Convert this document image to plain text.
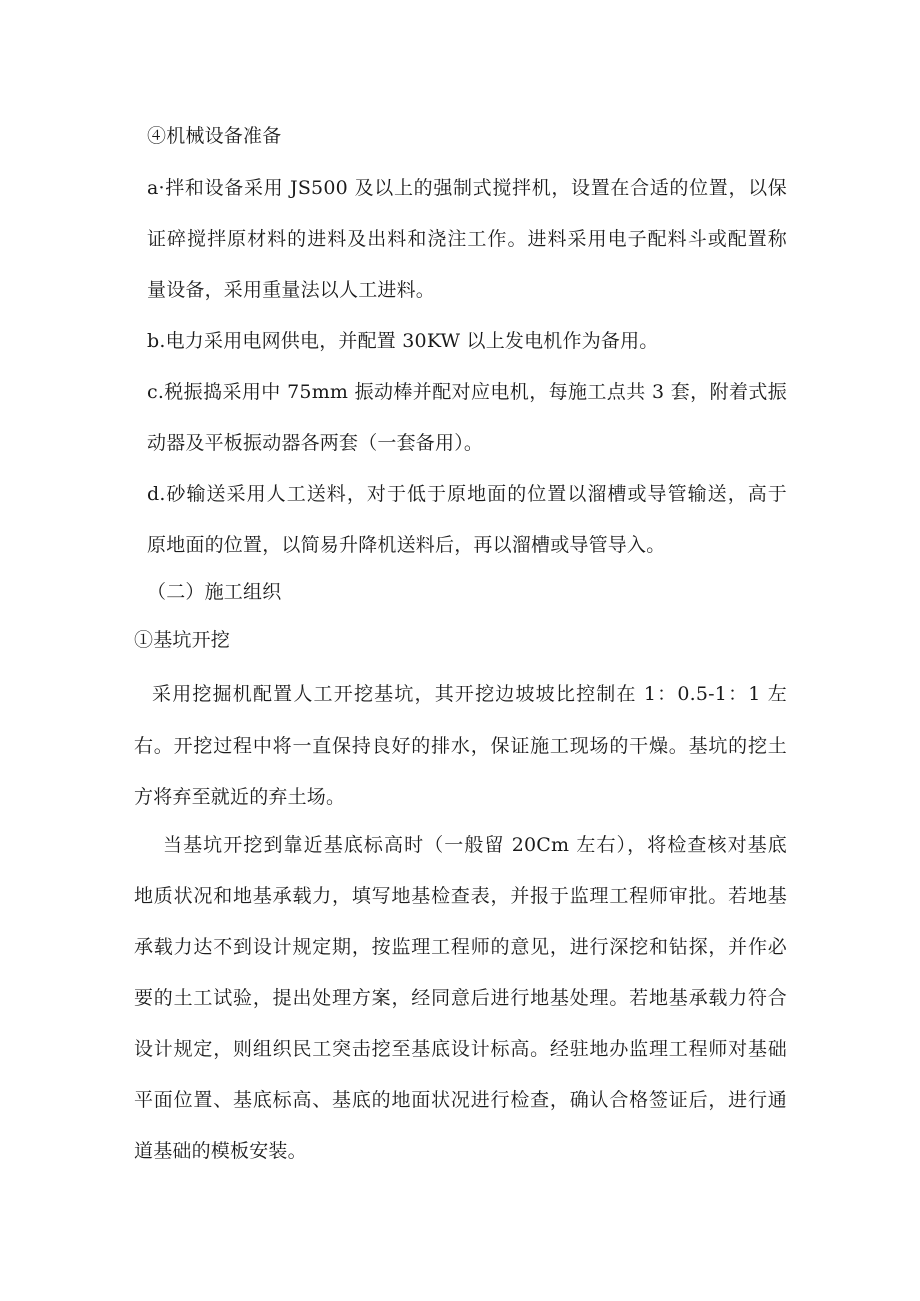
④机械设备准备
a·拌和设备采用 JS500 及以上的强制式搅拌机，设置在合适的位置，以保
证碎搅拌原材料的进料及出料和浇注工作。进料采用电子配料斗或配置称
量设备，采用重量法以人工进料。
b.电力采用电网供电，并配置 30KW 以上发电机作为备用。
c.税振捣采用中 75mm 振动棒并配对应电机，每施工点共 3 套，附着式振
动器及平板振动器各两套（一套备用）。
d.砂输送采用人工送料，对于低于原地面的位置以溜槽或导管输送，高于
原地面的位置，以简易升降机送料后，再以溜槽或导管导入。
（二）施工组织
①基坑开挖
采用挖掘机配置人工开挖基坑，其开挖边坡坡比控制在 1：0.5-1：1 左
右。开挖过程中将一直保持良好的排水，保证施工现场的干燥。基坑的挖土
方将弃至就近的弃土场。
当基坑开挖到靠近基底标高时（一般留 20Cm 左右），将检查核对基底
地质状况和地基承载力，填写地基检查表，并报于监理工程师审批。若地基
承载力达不到设计规定期，按监理工程师的意见，进行深挖和钻探，并作必
要的土工试验，提出处理方案，经同意后进行地基处理。若地基承载力符合
设计规定，则组织民工突击挖至基底设计标高。经驻地办监理工程师对基础
平面位置、基底标高、基底的地面状况进行检查，确认合格签证后，进行通
道基础的模板安装。
